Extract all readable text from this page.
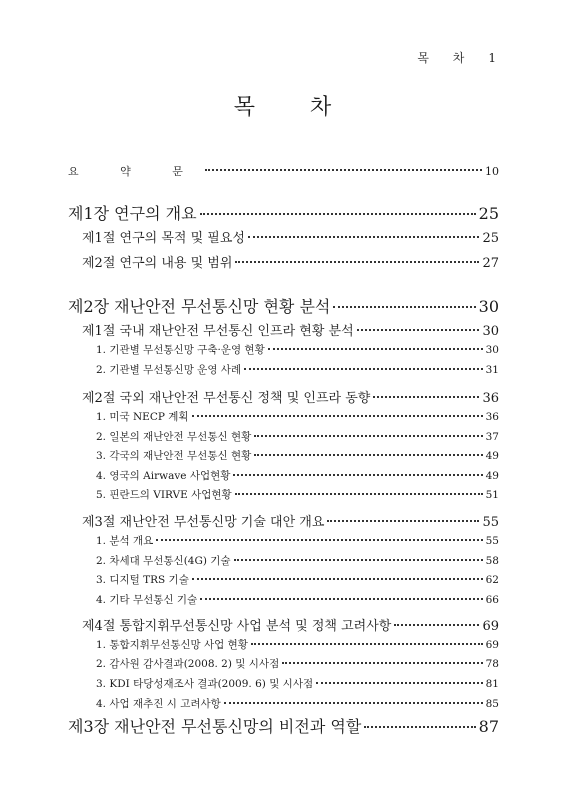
목 차 1
목 차
요 약 문	10
제1장 연구의 개요	25
제1절 연구의 목적 및 필요성	25
제2절 연구의 내용 및 범위	27
제2장 재난안전 무선통신망 현황 분석	30
제1절 국내 재난안전 무선통신 인프라 현황 분석	30
1. 기관별 무선통신망 구축·운영 현황	30
2. 기관별 무선통신망 운영 사례	31
제2절 국외 재난안전 무선통신 정책 및 인프라 동향	36
1. 미국 NECP 계획	36
2. 일본의 재난안전 무선통신 현황	37
3. 각국의 재난안전 무선통신 현황	49
4. 영국의 Airwave 사업현황	49
5. 핀란드의 VIRVE 사업현황	51
제3절 재난안전 무선통신망 기술 대안 개요	55
1. 분석 개요	55
2. 차세대 무선통신(4G) 기술	58
3. 디지털 TRS 기술	62
4. 기타 무선통신 기술	66
제4절 통합지휘무선통신망 사업 분석 및 정책 고려사항	69
1. 통합지휘무선통신망 사업 현황	69
2. 감사원 감사결과(2008. 2) 및 시사점	78
3. KDI 타당성재조사 결과(2009. 6) 및 시사점	81
4. 사업 재추진 시 고려사항	85
제3장 재난안전 무선통신망의 비전과 역할	87
